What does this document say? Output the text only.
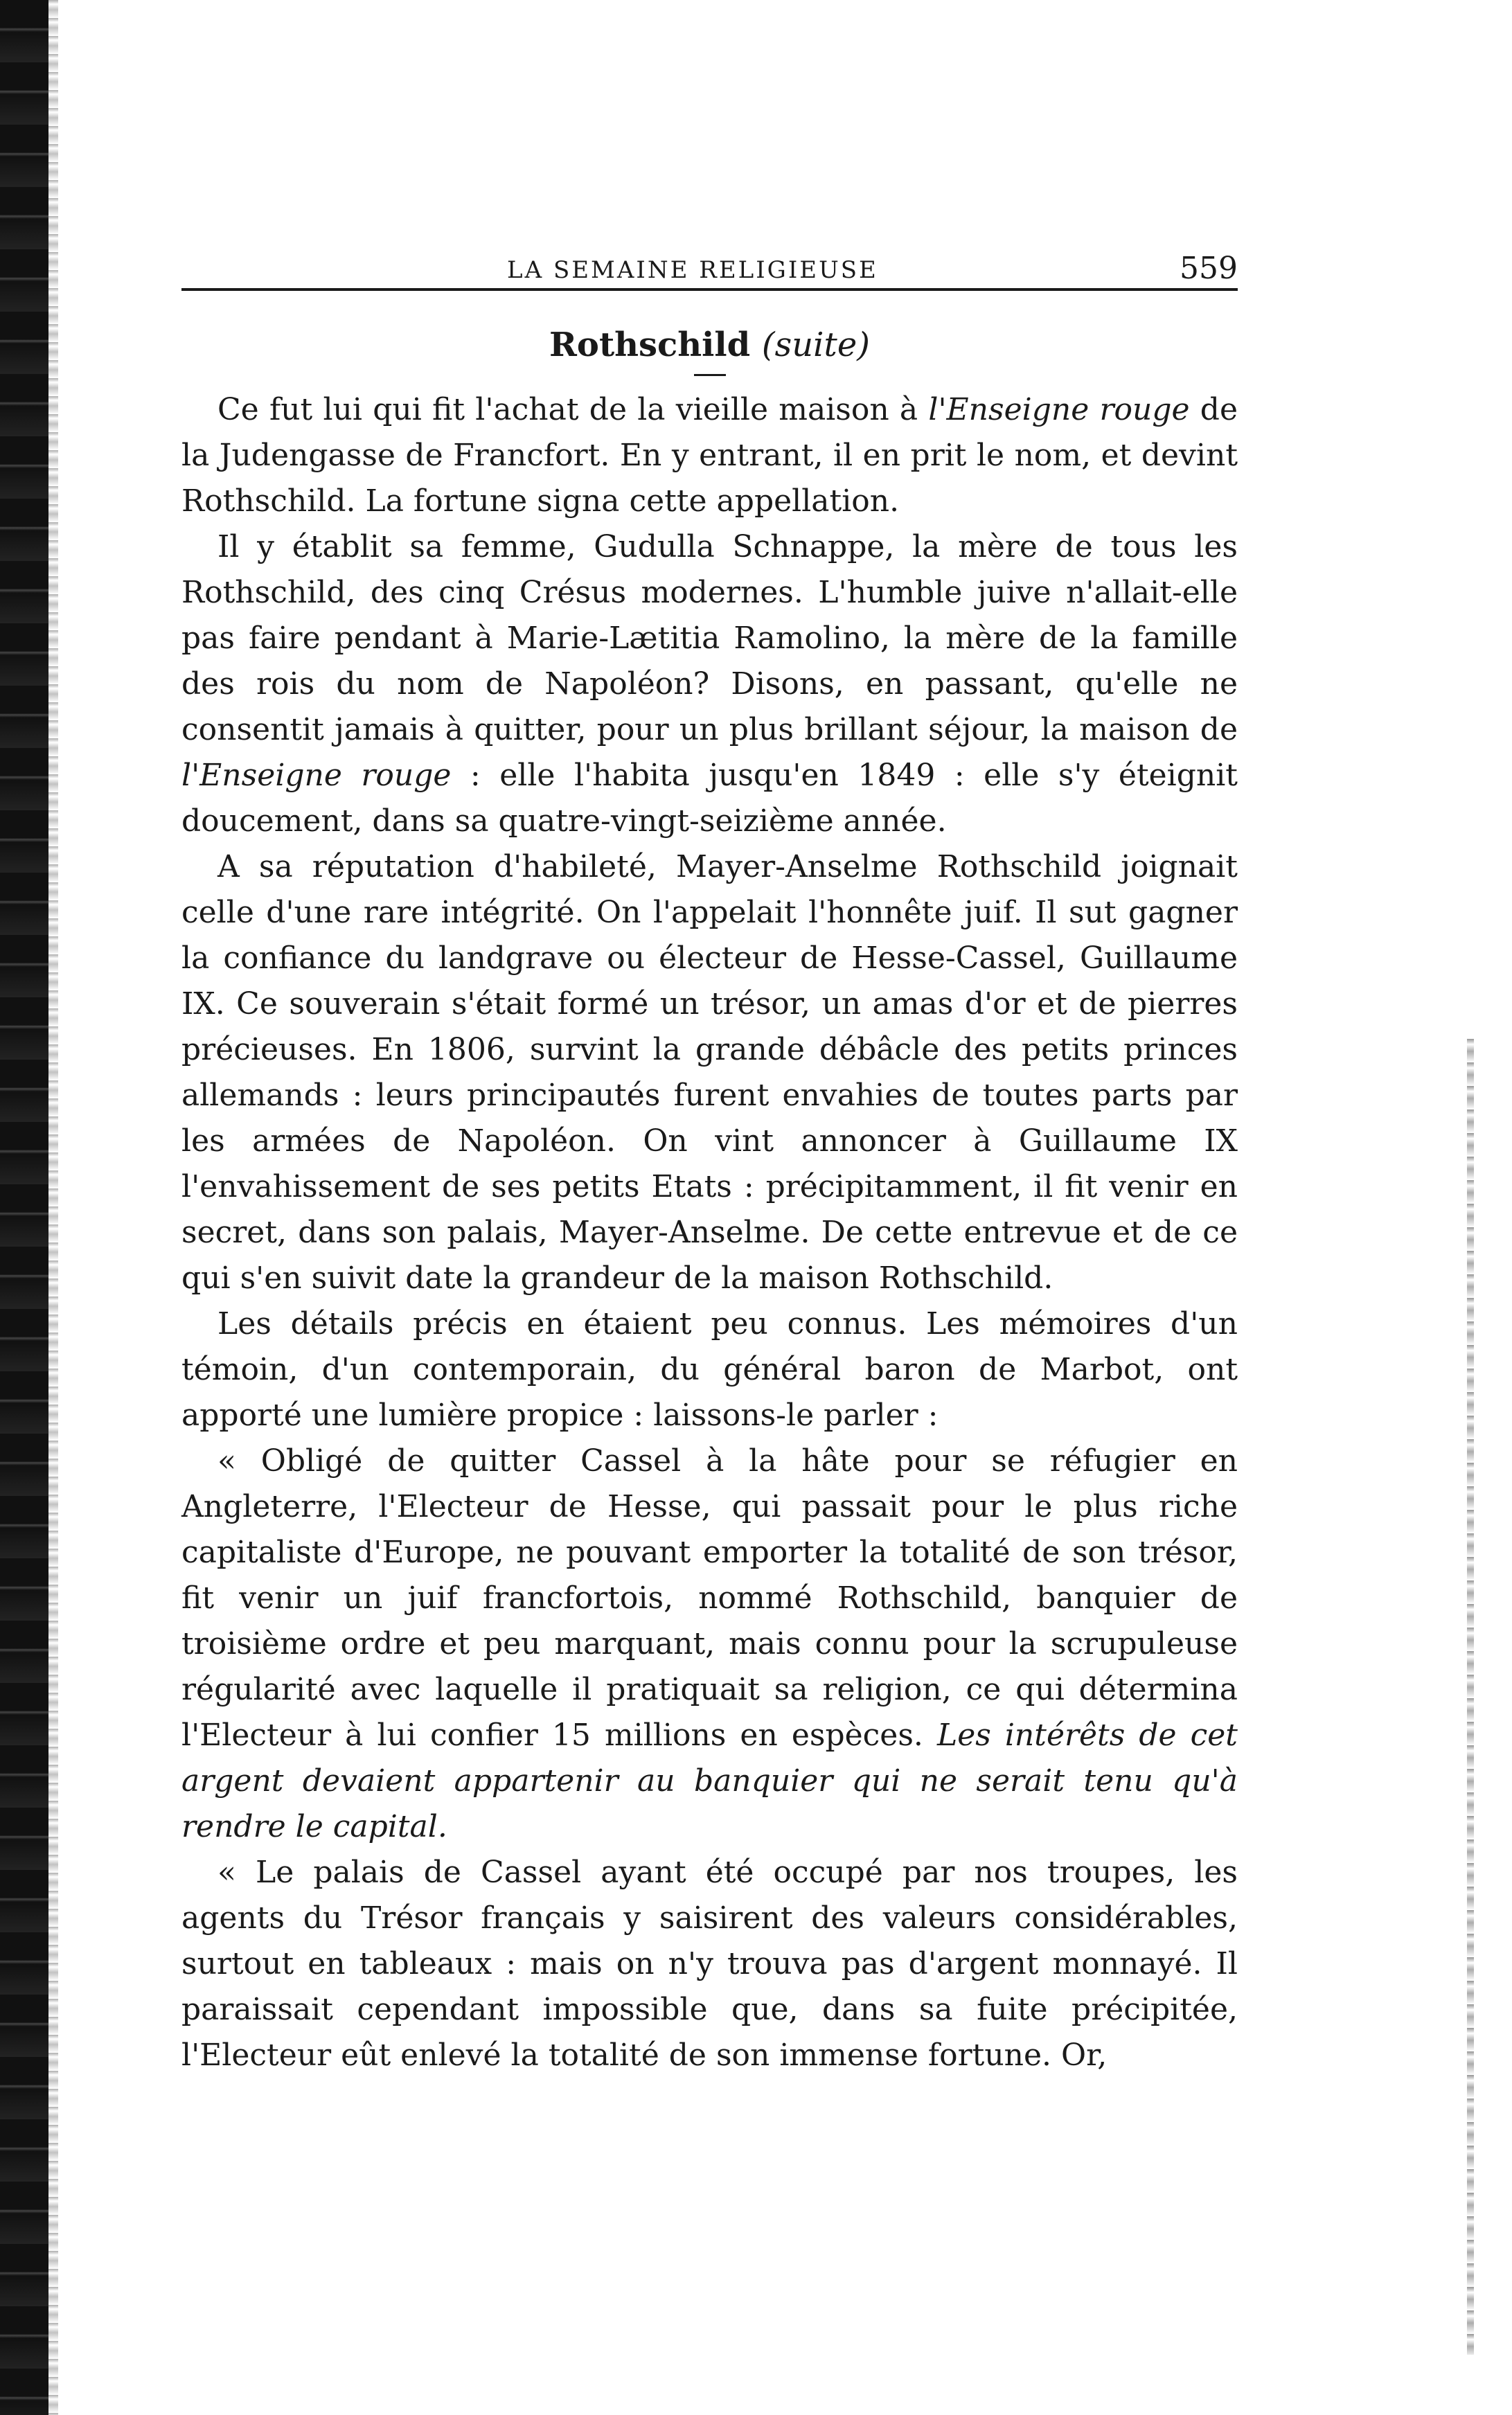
LA SEMAINE RELIGIEUSE	559
Rothschild (suite)

Ce fut lui qui fit l'achat de la vieille maison à l'Enseigne rouge de la Judengasse de Francfort. En y entrant, il en prit le nom, et devint Rothschild. La fortune signa cette appellation.

Il y établit sa femme, Gudulla Schnappe, la mère de tous les Rothschild, des cinq Crésus modernes. L'humble juive n'allait-elle pas faire pendant à Marie-Lætitia Ramolino, la mère de la famille des rois du nom de Napoléon? Disons, en passant, qu'elle ne consentit jamais à quitter, pour un plus brillant séjour, la maison de l'Enseigne rouge : elle l'habita jusqu'en 1849 : elle s'y éteignit doucement, dans sa quatre-vingt-seizième année.

A sa réputation d'habileté, Mayer-Anselme Rothschild joignait celle d'une rare intégrité. On l'appelait l'honnête juif. Il sut gagner la confiance du landgrave ou électeur de Hesse-Cassel, Guillaume IX. Ce souverain s'était formé un trésor, un amas d'or et de pierres précieuses. En 1806, survint la grande débâcle des petits princes allemands : leurs principautés furent envahies de toutes parts par les armées de Napoléon. On vint annoncer à Guillaume IX l'envahissement de ses petits Etats : précipitamment, il fit venir en secret, dans son palais, Mayer-Anselme. De cette entrevue et de ce qui s'en suivit date la grandeur de la maison Rothschild.

Les détails précis en étaient peu connus. Les mémoires d'un témoin, d'un contemporain, du général baron de Marbot, ont apporté une lumière propice : laissons-le parler :

« Obligé de quitter Cassel à la hâte pour se réfugier en Angleterre, l'Electeur de Hesse, qui passait pour le plus riche capitaliste d'Europe, ne pouvant emporter la totalité de son trésor, fit venir un juif francfortois, nommé Rothschild, banquier de troisième ordre et peu marquant, mais connu pour la scrupuleuse régularité avec laquelle il pratiquait sa religion, ce qui détermina l'Electeur à lui confier 15 millions en espèces. Les intérêts de cet argent devaient appartenir au banquier qui ne serait tenu qu'à rendre le capital.

« Le palais de Cassel ayant été occupé par nos troupes, les agents du Trésor français y saisirent des valeurs considérables, surtout en tableaux : mais on n'y trouva pas d'argent monnayé. Il paraissait cependant impossible que, dans sa fuite précipitée, l'Electeur eût enlevé la totalité de son immense fortune. Or,
